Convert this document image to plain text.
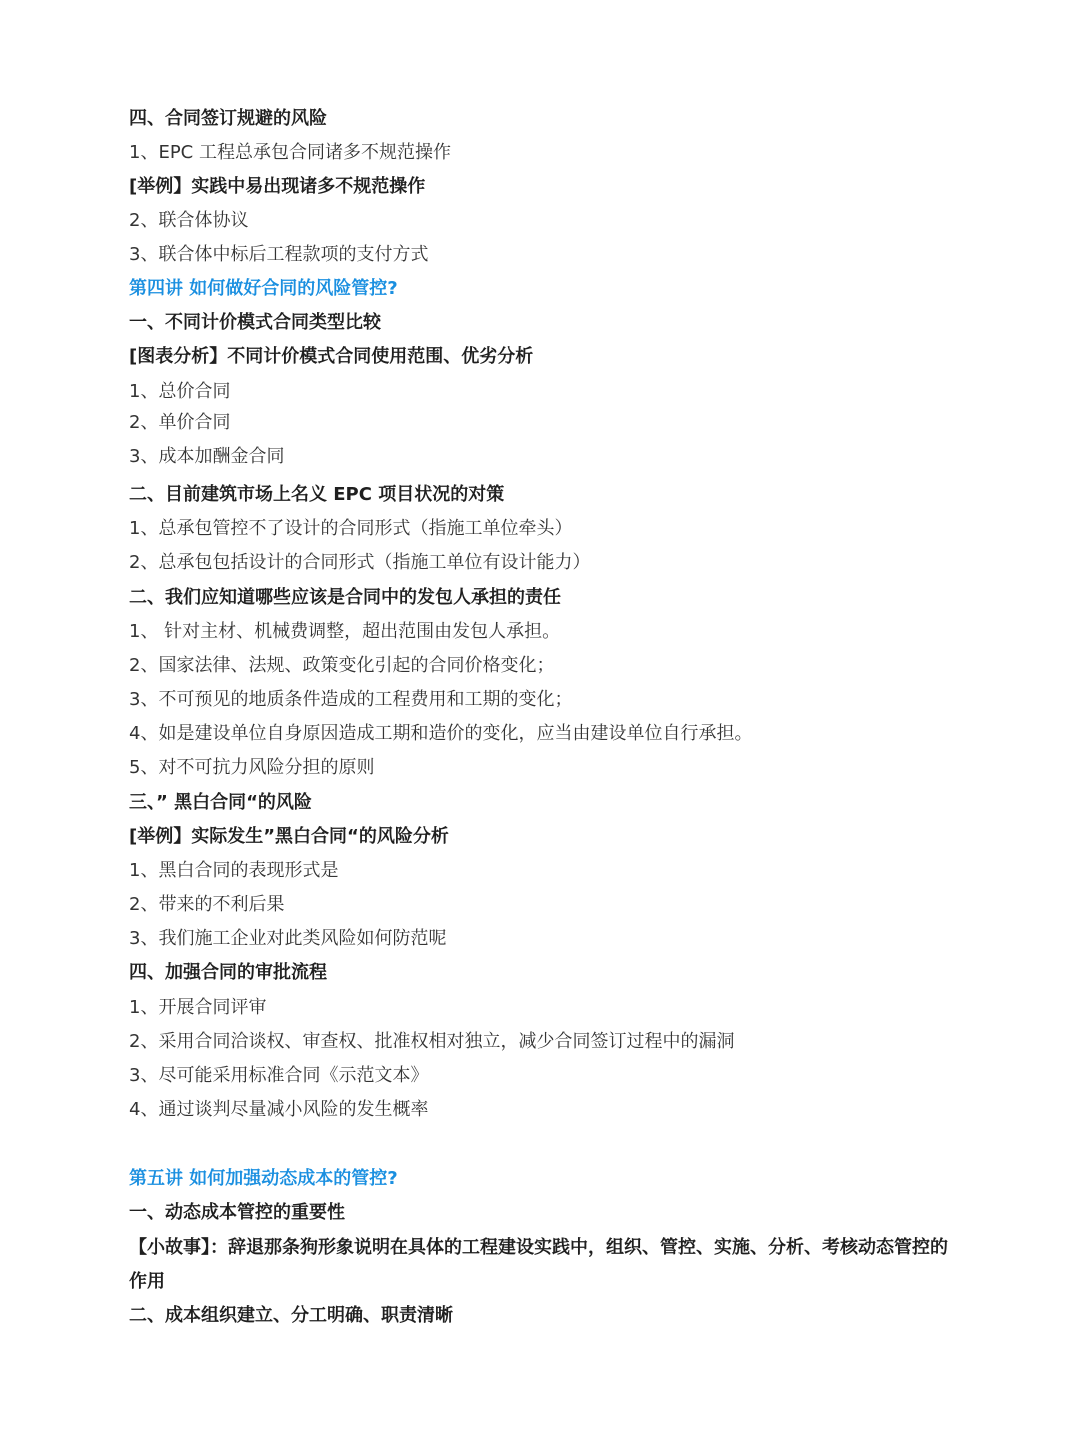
四、合同签订规避的风险
1、EPC 工程总承包合同诸多不规范操作
[举例】实践中易出现诸多不规范操作
2、联合体协议
3、联合体中标后工程款项的支付方式
第四讲 如何做好合同的风险管控?
一、不同计价模式合同类型比较
[图表分析】不同计价模式合同使用范围、优劣分析
1、总价合同
2、单价合同
3、成本加酬金合同
二、目前建筑市场上名义 EPC 项目状况的对策
1、总承包管控不了设计的合同形式（指施工单位牵头）
2、总承包包括设计的合同形式（指施工单位有设计能力）
二、我们应知道哪些应该是合同中的发包人承担的责任
1、 针对主材、机械费调整，超出范围由发包人承担。
2、国家法律、法规、政策变化引起的合同价格变化；
3、不可预见的地质条件造成的工程费用和工期的变化；
4、如是建设单位自身原因造成工期和造价的变化，应当由建设单位自行承担。
5、对不可抗力风险分担的原则
三、” 黑白合同“的风险
[举例】实际发生”黑白合同“的风险分析
1、黑白合同的表现形式是
2、带来的不利后果
3、我们施工企业对此类风险如何防范呢
四、加强合同的审批流程
1、开展合同评审
2、采用合同洽谈权、审查权、批准权相对独立，减少合同签订过程中的漏洞
3、尽可能采用标准合同《示范文本》
4、通过谈判尽量减小风险的发生概率
第五讲 如何加强动态成本的管控?
一、动态成本管控的重要性
【小故事】：辞退那条狗形象说明在具体的工程建设实践中，组织、管控、实施、分析、考核动态管控的作用
二、成本组织建立、分工明确、职责清晰
